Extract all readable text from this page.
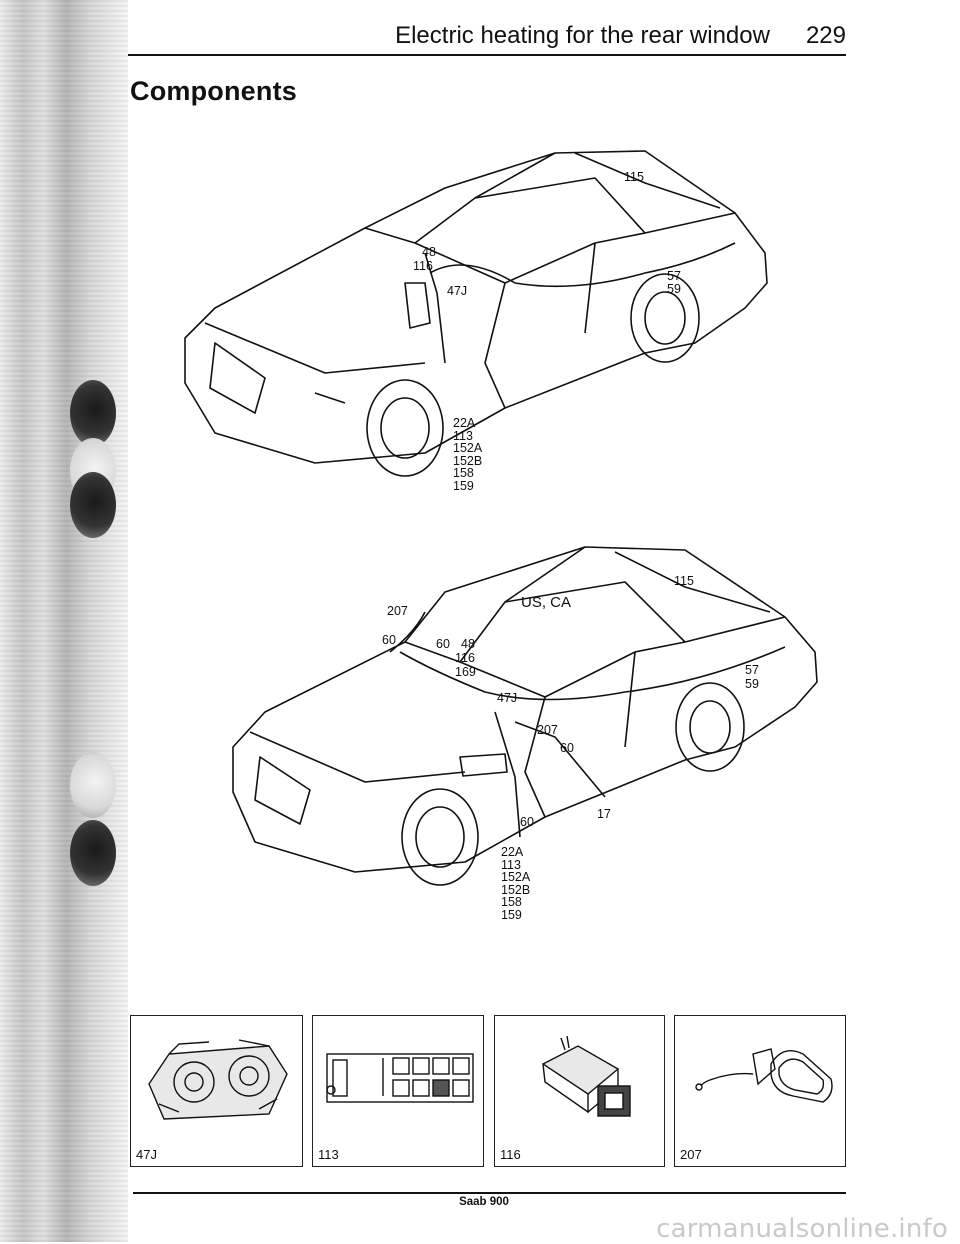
Electric heating for the rear window 229
Components
115
48
116
47J
57
59
22A
113
152A
152B
158
159
US, CA
115
207
60	60 48
116
169
47J
207
60
57
59
17
60
22A
113
152A
152B
158
159
47J	113	116	207
Saab 900
carmanualsonline.info
